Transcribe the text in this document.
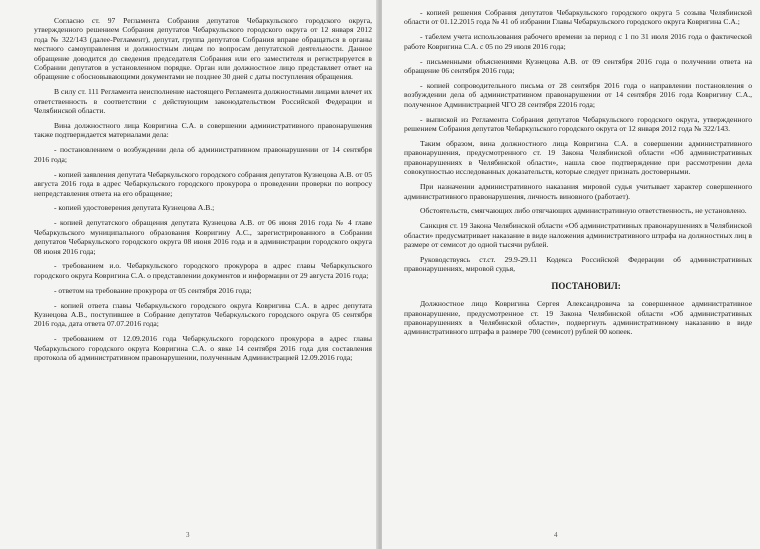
Согласно ст. 97 Регламента Собрания депутатов Чебаркульского городского округа, утвержденного решением Собрания депутатов Чебаркульского городского округа от 12 января 2012 года № 322/143 (далее-Регламент), депутат, группа депутатов Собрания вправе обращаться в органы местного самоуправления и должностным лицам по вопросам депутатской деятельности. Данное обращение доводится до сведения председателя Собрания или его заместителя и регистрируется в Собрании депутатов в установленном порядке. Орган или должностное лицо представляет ответ на обращение с обосновывающими документами не позднее 30 дней с даты поступления обращения.

В силу ст. 111 Регламента неисполнение настоящего Регламента должностными лицами влечет их ответственность в соответствии с действующим законодательством Российской Федерации и Челябинской области.

Вина должностного лица Ковригина С.А. в совершении административного правонарушения также подтверждается материалами дела:

- постановлением о возбуждении дела об административном правонарушении от 14 сентября 2016 года;

- копией заявления депутата Чебаркульского городского собрания депутатов Кузнецова А.В. от 05 августа 2016 года в адрес Чебаркульского городского прокурора о проведении проверки по вопросу непредставления ответа на его обращение;

- копией удостоверения депутата Кузнецова А.В.;

- копией депутатского обращения депутата Кузнецова А.В. от 06 июня 2016 года № 4 главе Чебаркульского муниципального образования Ковригину А.С., зарегистрированного в Собрании депутатов Чебаркульского городского округа 08 июня 2016 года и в администрации городского округа 08 июня 2016 года;

- требованием и.о. Чебаркульского городского прокурора в адрес главы Чебаркульского городского округа Ковригина С.А. о представлении документов и информации от 29 августа 2016 года;

- ответом на требование прокурора от 05 сентября 2016 года;

- копией ответа главы Чебаркульского городского округа Ковригина С.А. в адрес депутата Кузнецова А.В., поступившее в Собрание депутатов Чебаркульского городского округа 05 сентября 2016 года, дата ответа 07.07.2016 года;

- требованием от 12.09.2016 года Чебаркульского городского прокурора в адрес главы Чебаркульского городского округа Ковригина С.А. о явке 14 сентября 2016 года для составления протокола об административном правонарушении, полученным Администрацией 12.09.2016 года;

3

- копией решения Собрания депутатов Чебаркульского городского округа 5 созыва Челябинской области от 01.12.2015 года № 41 об избрании Главы Чебаркульского городского округа Ковригина С.А.;

- табелем учета использования рабочего времени за период с 1 по 31 июля 2016 года о фактической работе Ковригина С.А. с 05 по 29 июля 2016 года;

- письменными объяснениями Кузнецова А.В. от 09 сентября 2016 года о получении ответа на обращение 06 сентября 2016 года;

- копией сопроводительного письма от 28 сентября 2016 года о направлении постановления о возбуждении дела об административном правонарушении от 14 сентября 2016 года Ковригину С.А., полученное Администрацией ЧГО 28 сентября 22016 года;

- выпиской из Регламента Собрания депутатов Чебаркульского городского округа, утвержденного решением Собрания депутатов Чебаркульского городского округа от 12 января 2012 года № 322/143.

Таким образом, вина должностного лица Ковригина С.А. в совершении административного правонарушения, предусмотренного ст. 19 Закона Челябинской области «Об административных правонарушениях в Челябинской области», нашла свое подтверждение при рассмотрении дела совокупностью исследованных доказательств, которые следует признать достоверными.

При назначении административного наказания мировой судья учитывает характер совершенного административного правонарушения, личность виновного (работает).

Обстоятельств, смягчающих либо отягчающих административную ответственность, не установлено.

Санкция ст. 19 Закона Челябинской области «Об административных правонарушениях в Челябинской области» предусматривает наказание в виде наложения административного штрафа на должностных лиц в размере от семисот до одной тысячи рублей.

Руководствуясь ст.ст. 29.9-29.11 Кодекса Российской Федерации об административных правонарушениях, мировой судья,

ПОСТАНОВИЛ:

Должностное лицо Ковригина Сергея Александровича за совершенное административное правонарушение, предусмотренное ст. 19 Закона Челябинской области «Об административных правонарушениях в Челябинской области», подвергнуть административному наказанию в виде административного штрафа в размере 700 (семисот) рублей 00 копеек.

4
